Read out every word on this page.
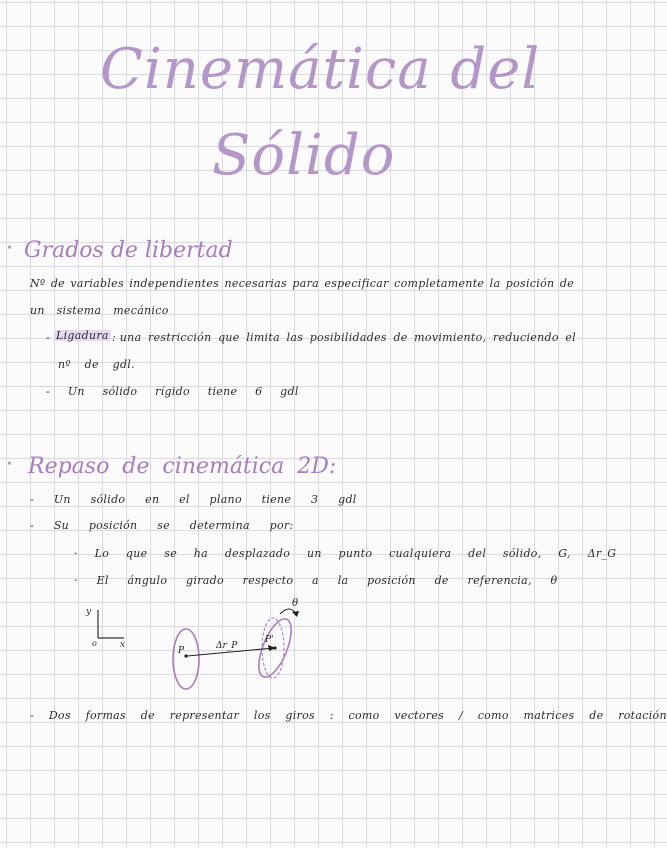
Cinemática del
Sólido
· Grados de libertad
Nº de variables independientes necesarias para especificar completamente la posición de
un sistema mecánico
- Ligadura : una restricción que limita las posibilidades de movimiento, reduciendo el
nº de gdl.
- Un sólido rígido tiene 6 gdl
· Repaso de cinemática 2D:
- Un sólido en el plano tiene 3 gdl
- Su posición se determina por:
· Lo que se ha desplazado un punto cualquiera del sólido, G, Δr_G
· El ángulo girado respecto a la posición de referencia, θ
y
x
o
P
P'
Δr_P
θ
- Dos formas de representar los giros : como vectores / como matrices de rotación
